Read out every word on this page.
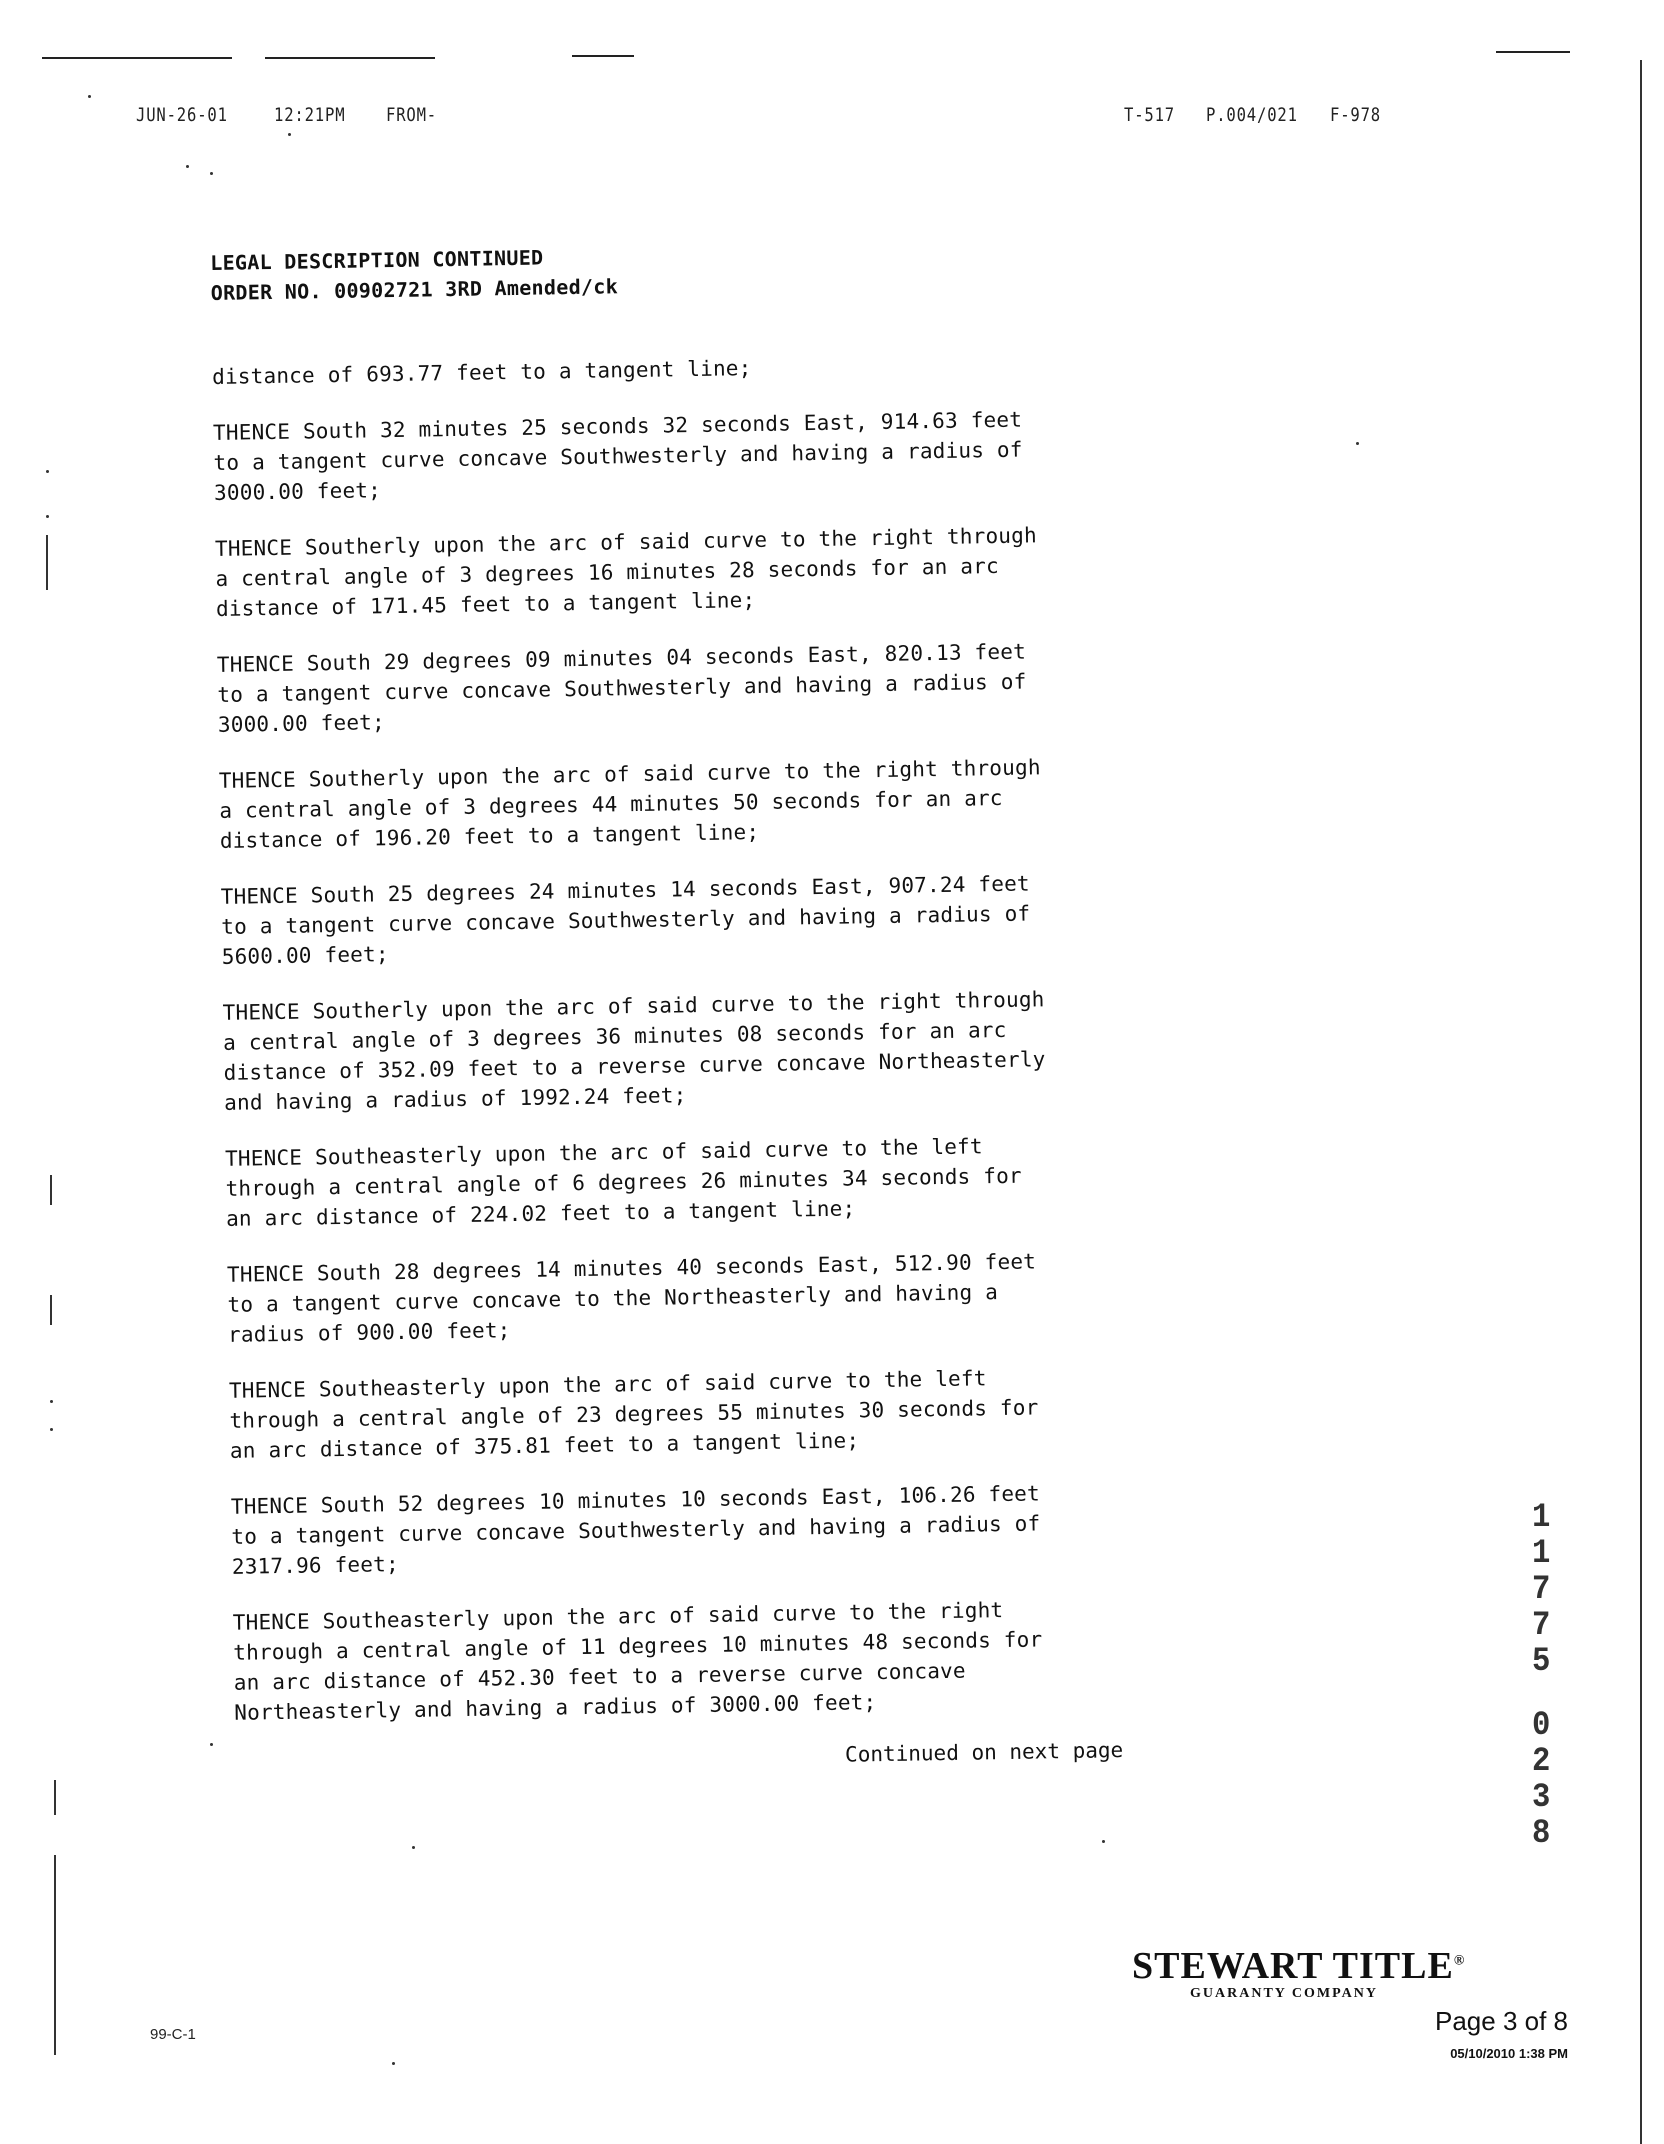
JUN-26-01 12:21PM FROM-	T-517 P.004/021 F-978
LEGAL DESCRIPTION CONTINUED
ORDER NO. 00902721 3RD Amended/ck
distance of 693.77 feet to a tangent line;
THENCE South 32 minutes 25 seconds 32 seconds East, 914.63 feet
to a tangent curve concave Southwesterly and having a radius of
3000.00 feet;
THENCE Southerly upon the arc of said curve to the right through
a central angle of 3 degrees 16 minutes 28 seconds for an arc
distance of 171.45 feet to a tangent line;
THENCE South 29 degrees 09 minutes 04 seconds East, 820.13 feet
to a tangent curve concave Southwesterly and having a radius of
3000.00 feet;
THENCE Southerly upon the arc of said curve to the right through
a central angle of 3 degrees 44 minutes 50 seconds for an arc
distance of 196.20 feet to a tangent line;
THENCE South 25 degrees 24 minutes 14 seconds East, 907.24 feet
to a tangent curve concave Southwesterly and having a radius of
5600.00 feet;
THENCE Southerly upon the arc of said curve to the right through
a central angle of 3 degrees 36 minutes 08 seconds for an arc
distance of 352.09 feet to a reverse curve concave Northeasterly
and having a radius of 1992.24 feet;
THENCE Southeasterly upon the arc of said curve to the left
through a central angle of 6 degrees 26 minutes 34 seconds for
an arc distance of 224.02 feet to a tangent line;
THENCE South 28 degrees 14 minutes 40 seconds East, 512.90 feet
to a tangent curve concave to the Northeasterly and having a
radius of 900.00 feet;
THENCE Southeasterly upon the arc of said curve to the left
through a central angle of 23 degrees 55 minutes 30 seconds for
an arc distance of 375.81 feet to a tangent line;
THENCE South 52 degrees 10 minutes 10 seconds East, 106.26 feet
to a tangent curve concave Southwesterly and having a radius of
2317.96 feet;
THENCE Southeasterly upon the arc of said curve to the right
through a central angle of 11 degrees 10 minutes 48 seconds for
an arc distance of 452.30 feet to a reverse curve concave
Northeasterly and having a radius of 3000.00 feet;
Continued on next page
1
1
7
7
5
0
2
3
8
99-C-1
STEWART TITLE®
GUARANTY COMPANY
Page 3 of 8
05/10/2010 1:38 PM
